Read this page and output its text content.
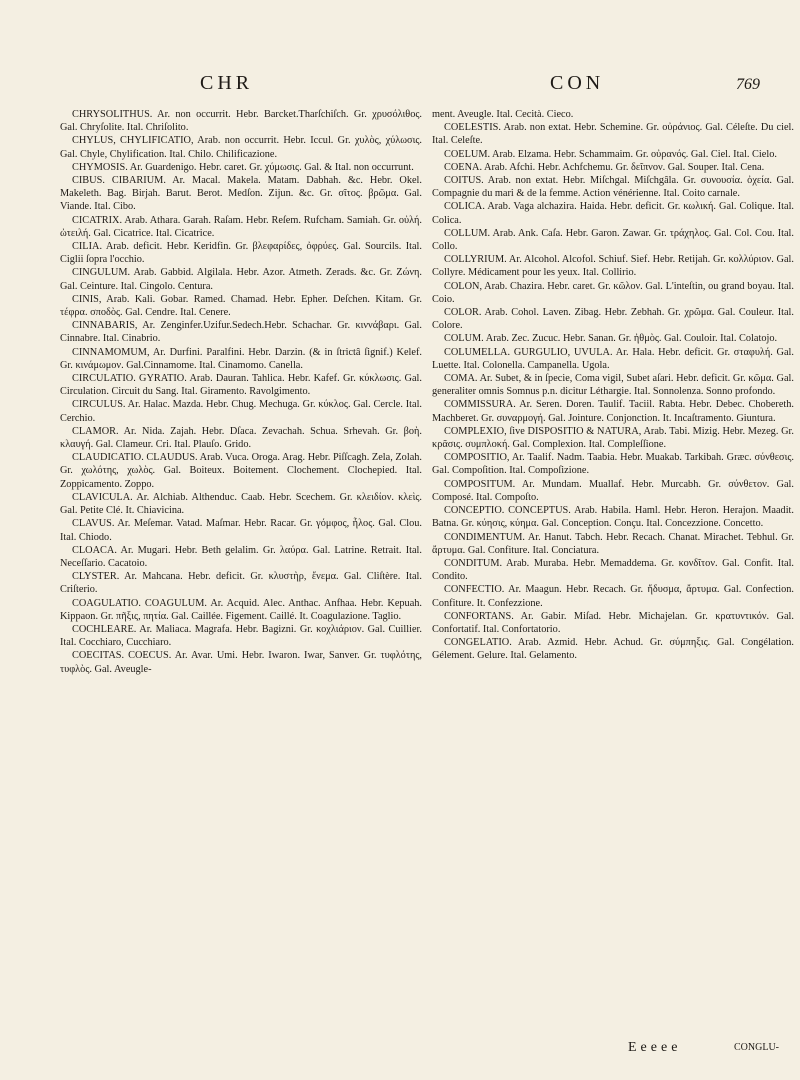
CHR	CON	769

CHRYSOLITHUS. Ar. non occurrit. Hebr. Barcket.Tharſchiſch. Gr. χρυσόλιθος. Gal. Chryſolite. Ital. Chriſolito.

CHYLUS, CHYLIFICATIO, Arab. non occurrit. Hebr. Iccul. Gr. χυλὸς, χύλωσις. Gal. Chyle, Chylification. Ital. Chilo. Chilificazione.

CHYMOSIS. Ar. Guardenigo. Hebr. caret. Gr. χύμωσις. Gal. & Ital. non occurrunt.

CIBUS. CIBARIUM. Ar. Macal. Makela. Matam. Dabhah. &c. Hebr. Okel. Makeleth. Bag. Birjah. Barut. Berot. Medſon. Zijun. &c. Gr. σῖτος. βρῶμα. Gal. Viande. Ital. Cibo.

CICATRIX. Arab. Athara. Garah. Raſam. Hebr. Reſem. Rufcham. Samiah. Gr. οὐλή. ὠτειλή. Gal. Cicatrice. Ital. Cicatrice.

CILIA. Arab. deficit. Hebr. Keridfin. Gr. βλεφαρίδες, ὀφρύες. Gal. Sourcils. Ital. Ciglii ſopra l'occhio.

CINGULUM. Arab. Gabbid. Algilala. Hebr. Azor. Atmeth. Zerads. &c. Gr. Ζώνη. Gal. Ceinture. Ital. Cingolo. Centura.

CINIS, Arab. Kali. Gobar. Ramed. Chamad. Hebr. Epher. Deſchen. Kitam. Gr. τέφρα. σποδὸς. Gal. Cendre. Ital. Cenere.

CINNABARIS, Ar. Zenginfer.Uzifur.Sedech.Hebr. Schachar. Gr. κιννάβαρι. Gal. Cinnabre. Ital. Cinabrio.

CINNAMOMUM, Ar. Durfini. Paralfini. Hebr. Darzin. (& in ſtrictâ ſignif.) Kelef. Gr. κινάμωμον. Gal.Cinnamome. Ital. Cinamomo. Canella.

CIRCULATIO. GYRATIO. Arab. Dauran. Tahlica. Hebr. Kafef. Gr. κύκλωσις. Gal. Circulation. Circuit du Sang. Ital. Giramento. Ravolgimento.

CIRCULUS. Ar. Halac. Mazda. Hebr. Chug. Mechuga. Gr. κύκλος. Gal. Cercle. Ital. Cerchio.

CLAMOR. Ar. Nida. Zajah. Hebr. Dſaca. Zevachah. Schua. Srhevah. Gr. βοὴ. κλαυγή. Gal. Clameur. Cri. Ital. Plauſo. Grido.

CLAUDICATIO. CLAUDUS. Arab. Vuca. Oroga. Arag. Hebr. Piſſcagh. Zela, Zolah. Gr. χωλότης, χωλὸς. Gal. Boiteux. Boitement. Clochement. Clochepied. Ital. Zoppicamento. Zoppo.

CLAVICULA. Ar. Alchiab. Althenduc. Caab. Hebr. Scechem. Gr. κλειδίον. κλεὶς. Gal. Petite Clé. It. Chiavicina.

CLAVUS. Ar. Meſemar. Vatad. Maſmar. Hebr. Racar. Gr. γόμφος, ἧλος. Gal. Clou. Ital. Chiodo.

CLOACA. Ar. Mugari. Hebr. Beth gelalim. Gr. λαύρα. Gal. Latrine. Retrait. Ital. Neceſſario. Cacatoio.

CLYSTER. Ar. Mahcana. Hebr. deficit. Gr. κλυστὴρ, ἔνεμα. Gal. Cliſtère. Ital. Criſterio.

COAGULATIO. COAGULUM. Ar. Acquid. Alec. Anthac. Anfhaa. Hebr. Kepuah. Kippaon. Gr. πῆξις, πητία. Gal. Caillée. Figement. Caillé. It. Coagulazione. Taglio.

COCHLEARE. Ar. Maliaca. Magrafa. Hebr. Bagizni. Gr. κοχλιάριον. Gal. Cuillier. Ital. Cocchiaro, Cucchiaro.

COECITAS. COECUS. Ar. Avar. Umi. Hebr. Iwaron. Iwar, Sanver. Gr. τυφλότης, τυφλὸς. Gal. Aveugle-

ment. Aveugle. Ital. Cecità. Cieco.

COELESTIS. Arab. non extat. Hebr. Schemine. Gr. οὐράνιος. Gal. Céleſte. Du ciel. Ital. Celeſte.

COELUM. Arab. Elzama. Hebr. Schammaim. Gr. οὐρανός. Gal. Ciel. Ital. Cielo.

COENA. Arab. Afchi. Hebr. Achfchemu. Gr. δεῖπνον. Gal. Souper. Ital. Cena.

COITUS. Arab. non extat. Hebr. Miſchgal. Miſchgâla. Gr. συνουσία. ὀχεία. Gal. Compagnie du mari & de la femme. Action vénérienne. Ital. Coito carnale.

COLICA. Arab. Vaga alchazira. Haida. Hebr. deficit. Gr. κωλική. Gal. Colique. Ital. Colica.

COLLUM. Arab. Ank. Caſa. Hebr. Garon. Zawar. Gr. τράχηλος. Gal. Col. Cou. Ital. Collo.

COLLYRIUM. Ar. Alcohol. Alcofol. Schiuf. Sief. Hebr. Retijah. Gr. κολλύριον. Gal. Collyre. Médicament pour les yeux. Ital. Collirio.

COLON, Arab. Chazira. Hebr. caret. Gr. κῶλον. Gal. L'inteſtin, ou grand boyau. Ital. Coio.

COLOR. Arab. Cohol. Laven. Zibag. Hebr. Zebhah. Gr. χρῶμα. Gal. Couleur. Ital. Colore.

COLUM. Arab. Zec. Zucuc. Hebr. Sanan. Gr. ἠθμὸς. Gal. Couloir. Ital. Colatojo.

COLUMELLA. GURGULIO, UVULA. Ar. Hala. Hebr. deficit. Gr. σταφυλή. Gal. Luette. Ital. Colonella. Campanella. Ugola.

COMA. Ar. Subet, & in ſpecie, Coma vigil, Subet aſari. Hebr. deficit. Gr. κῶμα. Gal. generaliter omnis Somnus p.n. dicitur Léthargie. Ital. Sonnolenza. Sonno profondo.

COMMISSURA. Ar. Seren. Doren. Taulif. Taciil. Rabta. Hebr. Debec. Chobereth. Machberet. Gr. συναρμογή. Gal. Jointure. Conjonction. It. Incaſtramento. Giuntura.

COMPLEXIO, ſive DISPOSITIO & NATURA, Arab. Tabi. Mizig. Hebr. Mezeg. Gr. κρᾶσις. συμπλοκή. Gal. Complexion. Ital. Compleſſione.

COMPOSITIO, Ar. Taalif. Nadm. Taabia. Hebr. Muakab. Tarkibah. Græc. σύνθεσις. Gal. Compoſition. Ital. Compoſizione.

COMPOSITUM. Ar. Mundam. Muallaf. Hebr. Murcabh. Gr. σύνθετον. Gal. Composé. Ital. Compoſto.

CONCEPTIO. CONCEPTUS. Arab. Habila. Haml. Hebr. Heron. Herajon. Maadit. Batna. Gr. κύησις, κύημα. Gal. Conception. Conçu. Ital. Concezzione. Concetto.

CONDIMENTUM. Ar. Hanut. Tabch. Hebr. Recach. Chanat. Mirachet. Tebhul. Gr. ἄρτυμα. Gal. Confiture. Ital. Conciatura.

CONDITUM. Arab. Muraba. Hebr. Memaddema. Gr. κονδῖτον. Gal. Confit. Ital. Condito.

CONFECTIO. Ar. Maagun. Hebr. Recach. Gr. ἥδυσμα, ἄρτυμα. Gal. Confection. Confiture. It. Confezzione.

CONFORTANS. Ar. Gabir. Miſad. Hebr. Michajelan. Gr. κρατυντικόν. Gal. Confortatif. Ital. Confortatorio.

CONGELATIO. Arab. Azmid. Hebr. Achud. Gr. σύμπηξις. Gal. Congélation. Gélement. Gelure. Ital. Gelamento.

Eeeee	CONGLU-
